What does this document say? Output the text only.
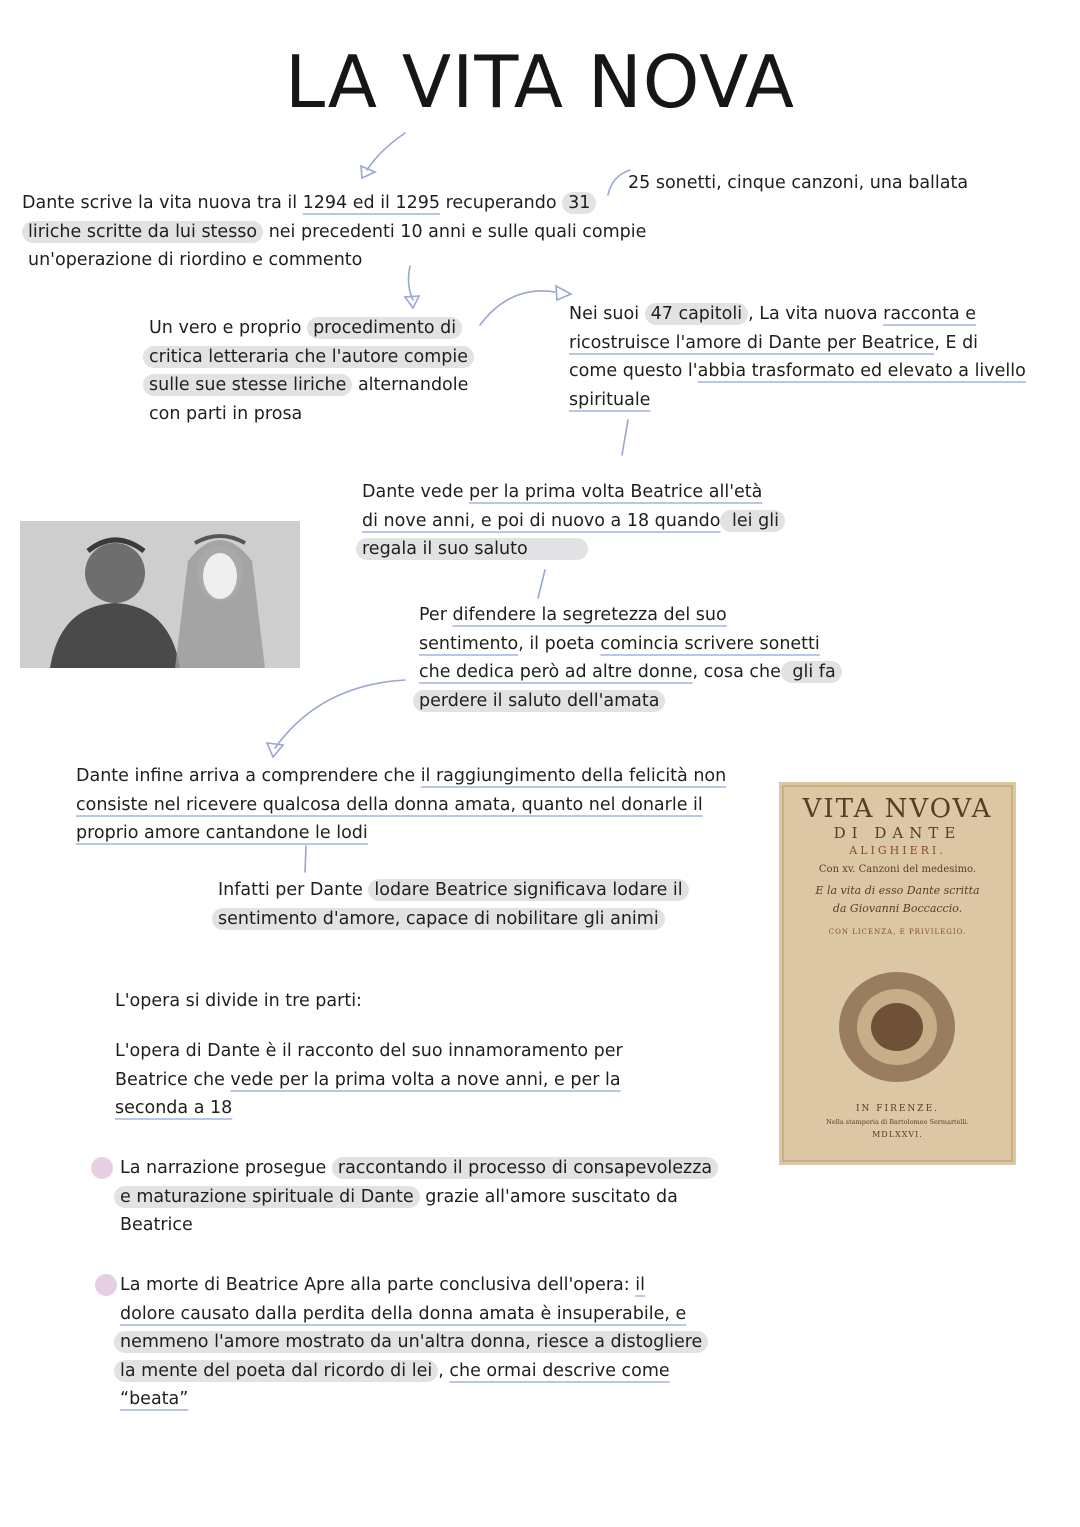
LA VITA NOVA
25 sonetti, cinque canzoni, una ballata
Dante scrive la vita nuova tra il 1294 ed il 1295 recuperando 31
liriche scritte da lui stesso nei precedenti 10 anni e sulle quali compie
un'operazione di riordino e commento
Un vero e proprio procedimento di
critica letteraria che l'autore compie
sulle sue stesse liriche alternandole
con parti in prosa
Nei suoi 47 capitoli , La vita nuova racconta e
ricostruisce l'amore di Dante per Beatrice, E di
come questo l'abbia trasformato ed elevato a livello
spirituale
Dante vede per la prima volta Beatrice all'età
di nove anni, e poi di nuovo a 18 quando lei gli
regala il suo saluto
Per difendere la segretezza del suo
sentimento, il poeta comincia scrivere sonetti
che dedica però ad altre donne, cosa che gli fa
perdere il saluto dell'amata
Dante infine arriva a comprendere che il raggiungimento della felicità non
consiste nel ricevere qualcosa della donna amata, quanto nel donarle il
proprio amore cantandone le lodi
Infatti per Dante lodare Beatrice significava lodare il
sentimento d'amore, capace di nobilitare gli animi
VITA NVOVA
DI DANTE
ALIGHIERI.
Con xv. Canzoni del medesimo.
E la vita di esso Dante scritta
da Giovanni Boccaccio.
CON LICENZA, E PRIVILEGIO.
IN FIRENZE.
Nella stamperia di Bartolomeo Sermartelli.
MDLXXVI.
L'opera si divide in tre parti:
L'opera di Dante è il racconto del suo innamoramento per
Beatrice che vede per la prima volta a nove anni, e per la
seconda a 18
La narrazione prosegue raccontando il processo di consapevolezza
e maturazione spirituale di Dante grazie all'amore suscitato da
Beatrice
La morte di Beatrice Apre alla parte conclusiva dell'opera: il
dolore causato dalla perdita della donna amata è insuperabile, e
nemmeno l'amore mostrato da un'altra donna, riesce a distogliere
la mente del poeta dal ricordo di lei , che ormai descrive come
“beata”
